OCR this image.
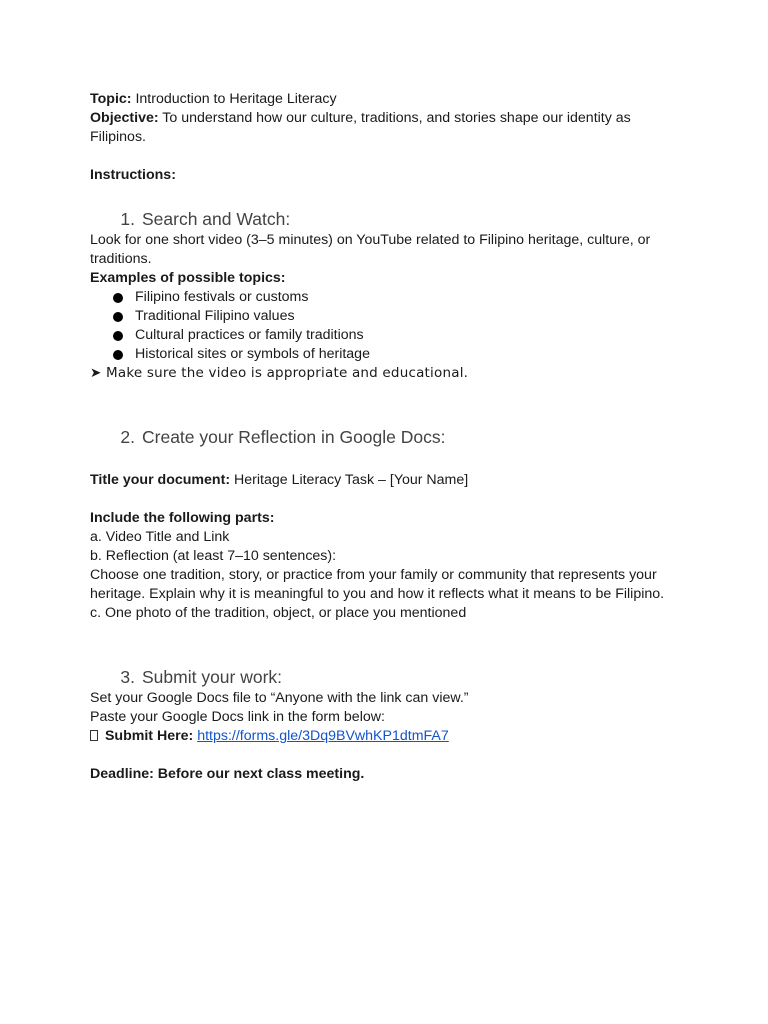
Topic: Introduction to Heritage Literacy

Objective: To understand how our culture, traditions, and stories shape our identity as Filipinos.

Instructions:

1. Search and Watch:

Look for one short video (3–5 minutes) on YouTube related to Filipino heritage, culture, or traditions.

Examples of possible topics:

Filipino festivals or customs
Traditional Filipino values
Cultural practices or family traditions
Historical sites or symbols of heritage

➤ Make sure the video is appropriate and educational.

2. Create your Reflection in Google Docs:

Title your document: Heritage Literacy Task – [Your Name]

Include the following parts:

a. Video Title and Link

b. Reflection (at least 7–10 sentences):

Choose one tradition, story, or practice from your family or community that represents your heritage. Explain why it is meaningful to you and how it reflects what it means to be Filipino.

c. One photo of the tradition, object, or place you mentioned

3. Submit your work:

Set your Google Docs file to “Anyone with the link can view.”

Paste your Google Docs link in the form below:

Submit Here: https://forms.gle/3Dq9BVwhKP1dtmFA7

Deadline: Before our next class meeting.
